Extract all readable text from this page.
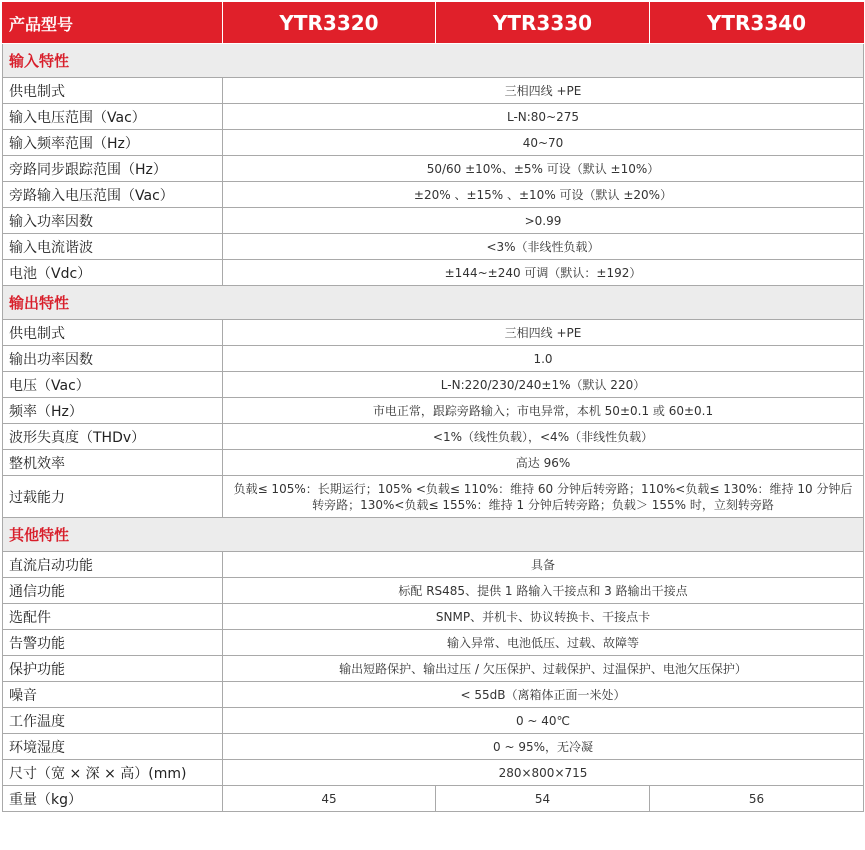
产品型号	YTR3320	YTR3330	YTR3340
输入特性			
供电制式	三相四线 +PE		
输入电压范围（Vac）	L-N:80~275		
输入频率范围（Hz）	40~70		
旁路同步跟踪范围（Hz）	50/60 ±10%、±5% 可设（默认 ±10%）		
旁路输入电压范围（Vac）	±20% 、±15% 、±10% 可设（默认 ±20%）		
输入功率因数	>0.99		
输入电流谐波	<3%（非线性负载）		
电池（Vdc）	±144~±240 可调（默认：±192）		
输出特性			
供电制式	三相四线 +PE		
输出功率因数	1.0		
电压（Vac）	L-N:220/230/240±1%（默认 220）		
频率（Hz）	市电正常，跟踪旁路输入；市电异常，本机 50±0.1 或 60±0.1		
波形失真度（THDv）	<1%（线性负载），<4%（非线性负载）		
整机效率	高达 96%		
过载能力	负载≤ 105%：长期运行；105% <负载≤ 110%：维持 60 分钟后转旁路；110%<负载≤ 130%：维持 10 分钟后转旁路；130%<负载≤ 155%：维持 1 分钟后转旁路；负载＞ 155% 时，立刻转旁路		
其他特性			
直流启动功能	具备		
通信功能	标配 RS485、提供 1 路输入干接点和 3 路输出干接点		
选配件	SNMP、并机卡、协议转换卡、干接点卡		
告警功能	输入异常、电池低压、过载、故障等		
保护功能	输出短路保护、输出过压 / 欠压保护、过载保护、过温保护、电池欠压保护）		
噪音	< 55dB（离箱体正面一米处）		
工作温度	0 ~ 40℃		
环境湿度	0 ~ 95%，无冷凝		
尺寸（宽 × 深 × 高）(mm)	280×800×715		
重量（kg）	45	54	56
